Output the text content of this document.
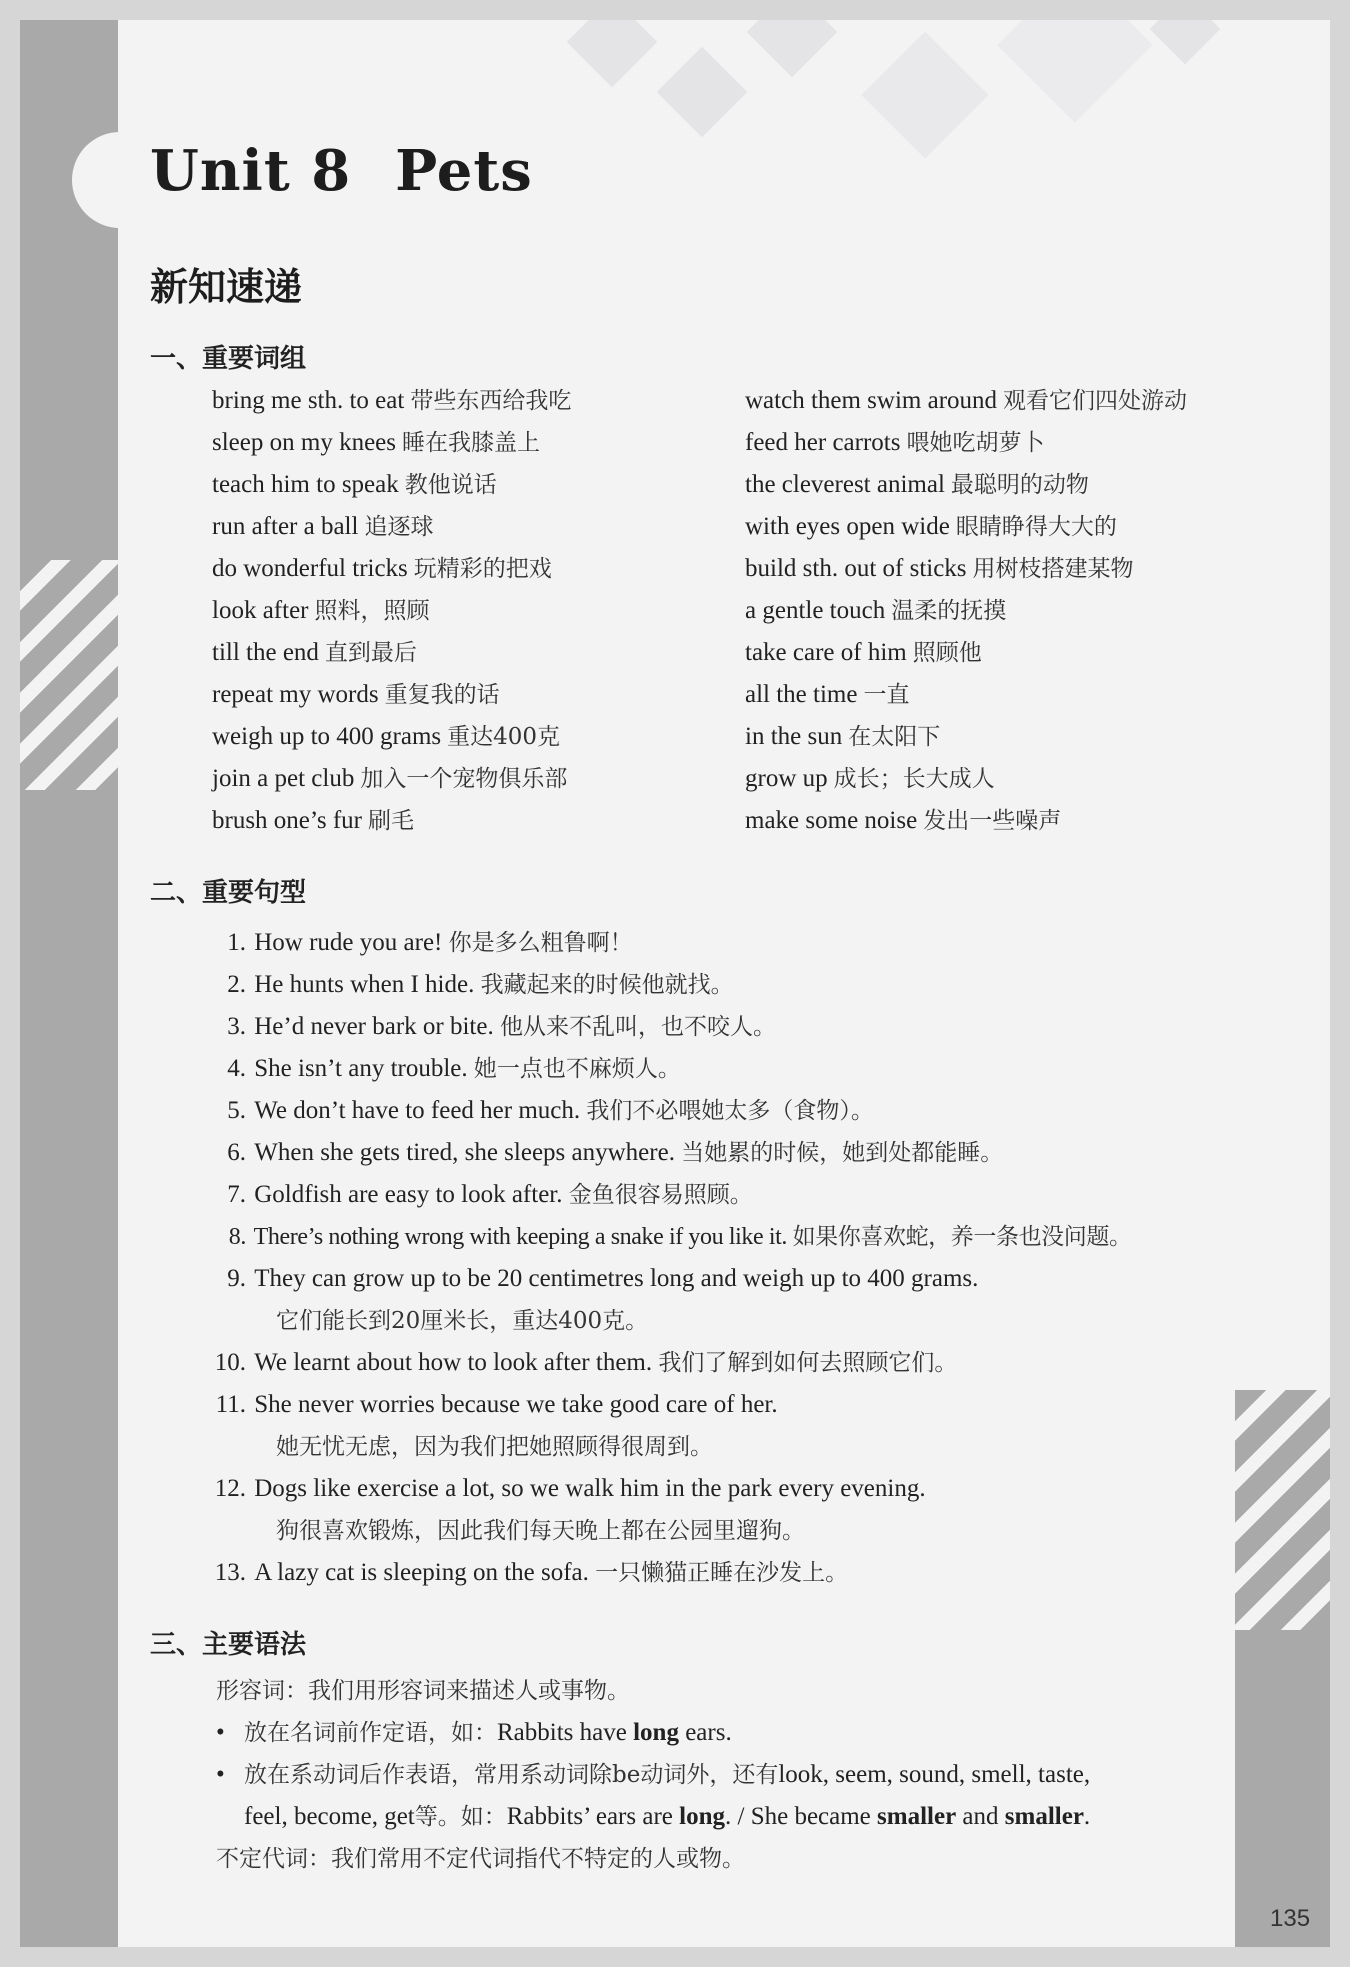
Unit 8 Pets
新知速递
一、重要词组
bring me sth. to eat 带些东西给我吃
sleep on my knees 睡在我膝盖上
teach him to speak 教他说话
run after a ball 追逐球
do wonderful tricks 玩精彩的把戏
look after 照料，照顾
till the end 直到最后
repeat my words 重复我的话
weigh up to 400 grams 重达400克
join a pet club 加入一个宠物俱乐部
brush one’s fur 刷毛
watch them swim around 观看它们四处游动
feed her carrots 喂她吃胡萝卜
the cleverest animal 最聪明的动物
with eyes open wide 眼睛睁得大大的
build sth. out of sticks 用树枝搭建某物
a gentle touch 温柔的抚摸
take care of him 照顾他
all the time 一直
in the sun 在太阳下
grow up 成长；长大成人
make some noise 发出一些噪声
二、重要句型
1. How rude you are! 你是多么粗鲁啊！
2. He hunts when I hide. 我藏起来的时候他就找。
3. He’d never bark or bite. 他从来不乱叫，也不咬人。
4. She isn’t any trouble. 她一点也不麻烦人。
5. We don’t have to feed her much. 我们不必喂她太多（食物）。
6. When she gets tired, she sleeps anywhere. 当她累的时候，她到处都能睡。
7. Goldfish are easy to look after. 金鱼很容易照顾。
8. There’s nothing wrong with keeping a snake if you like it. 如果你喜欢蛇，养一条也没问题。
9. They can grow up to be 20 centimetres long and weigh up to 400 grams.
它们能长到20厘米长，重达400克。
10. We learnt about how to look after them. 我们了解到如何去照顾它们。
11. She never worries because we take good care of her.
她无忧无虑，因为我们把她照顾得很周到。
12. Dogs like exercise a lot, so we walk him in the park every evening.
狗很喜欢锻炼，因此我们每天晚上都在公园里遛狗。
13. A lazy cat is sleeping on the sofa. 一只懒猫正睡在沙发上。
三、主要语法
形容词：我们用形容词来描述人或事物。
• 放在名词前作定语，如：Rabbits have long ears.
• 放在系动词后作表语，常用系动词除be动词外，还有look, seem, sound, smell, taste,
feel, become, get等。如：Rabbits’ ears are long. / She became smaller and smaller.
不定代词：我们常用不定代词指代不特定的人或物。
135
